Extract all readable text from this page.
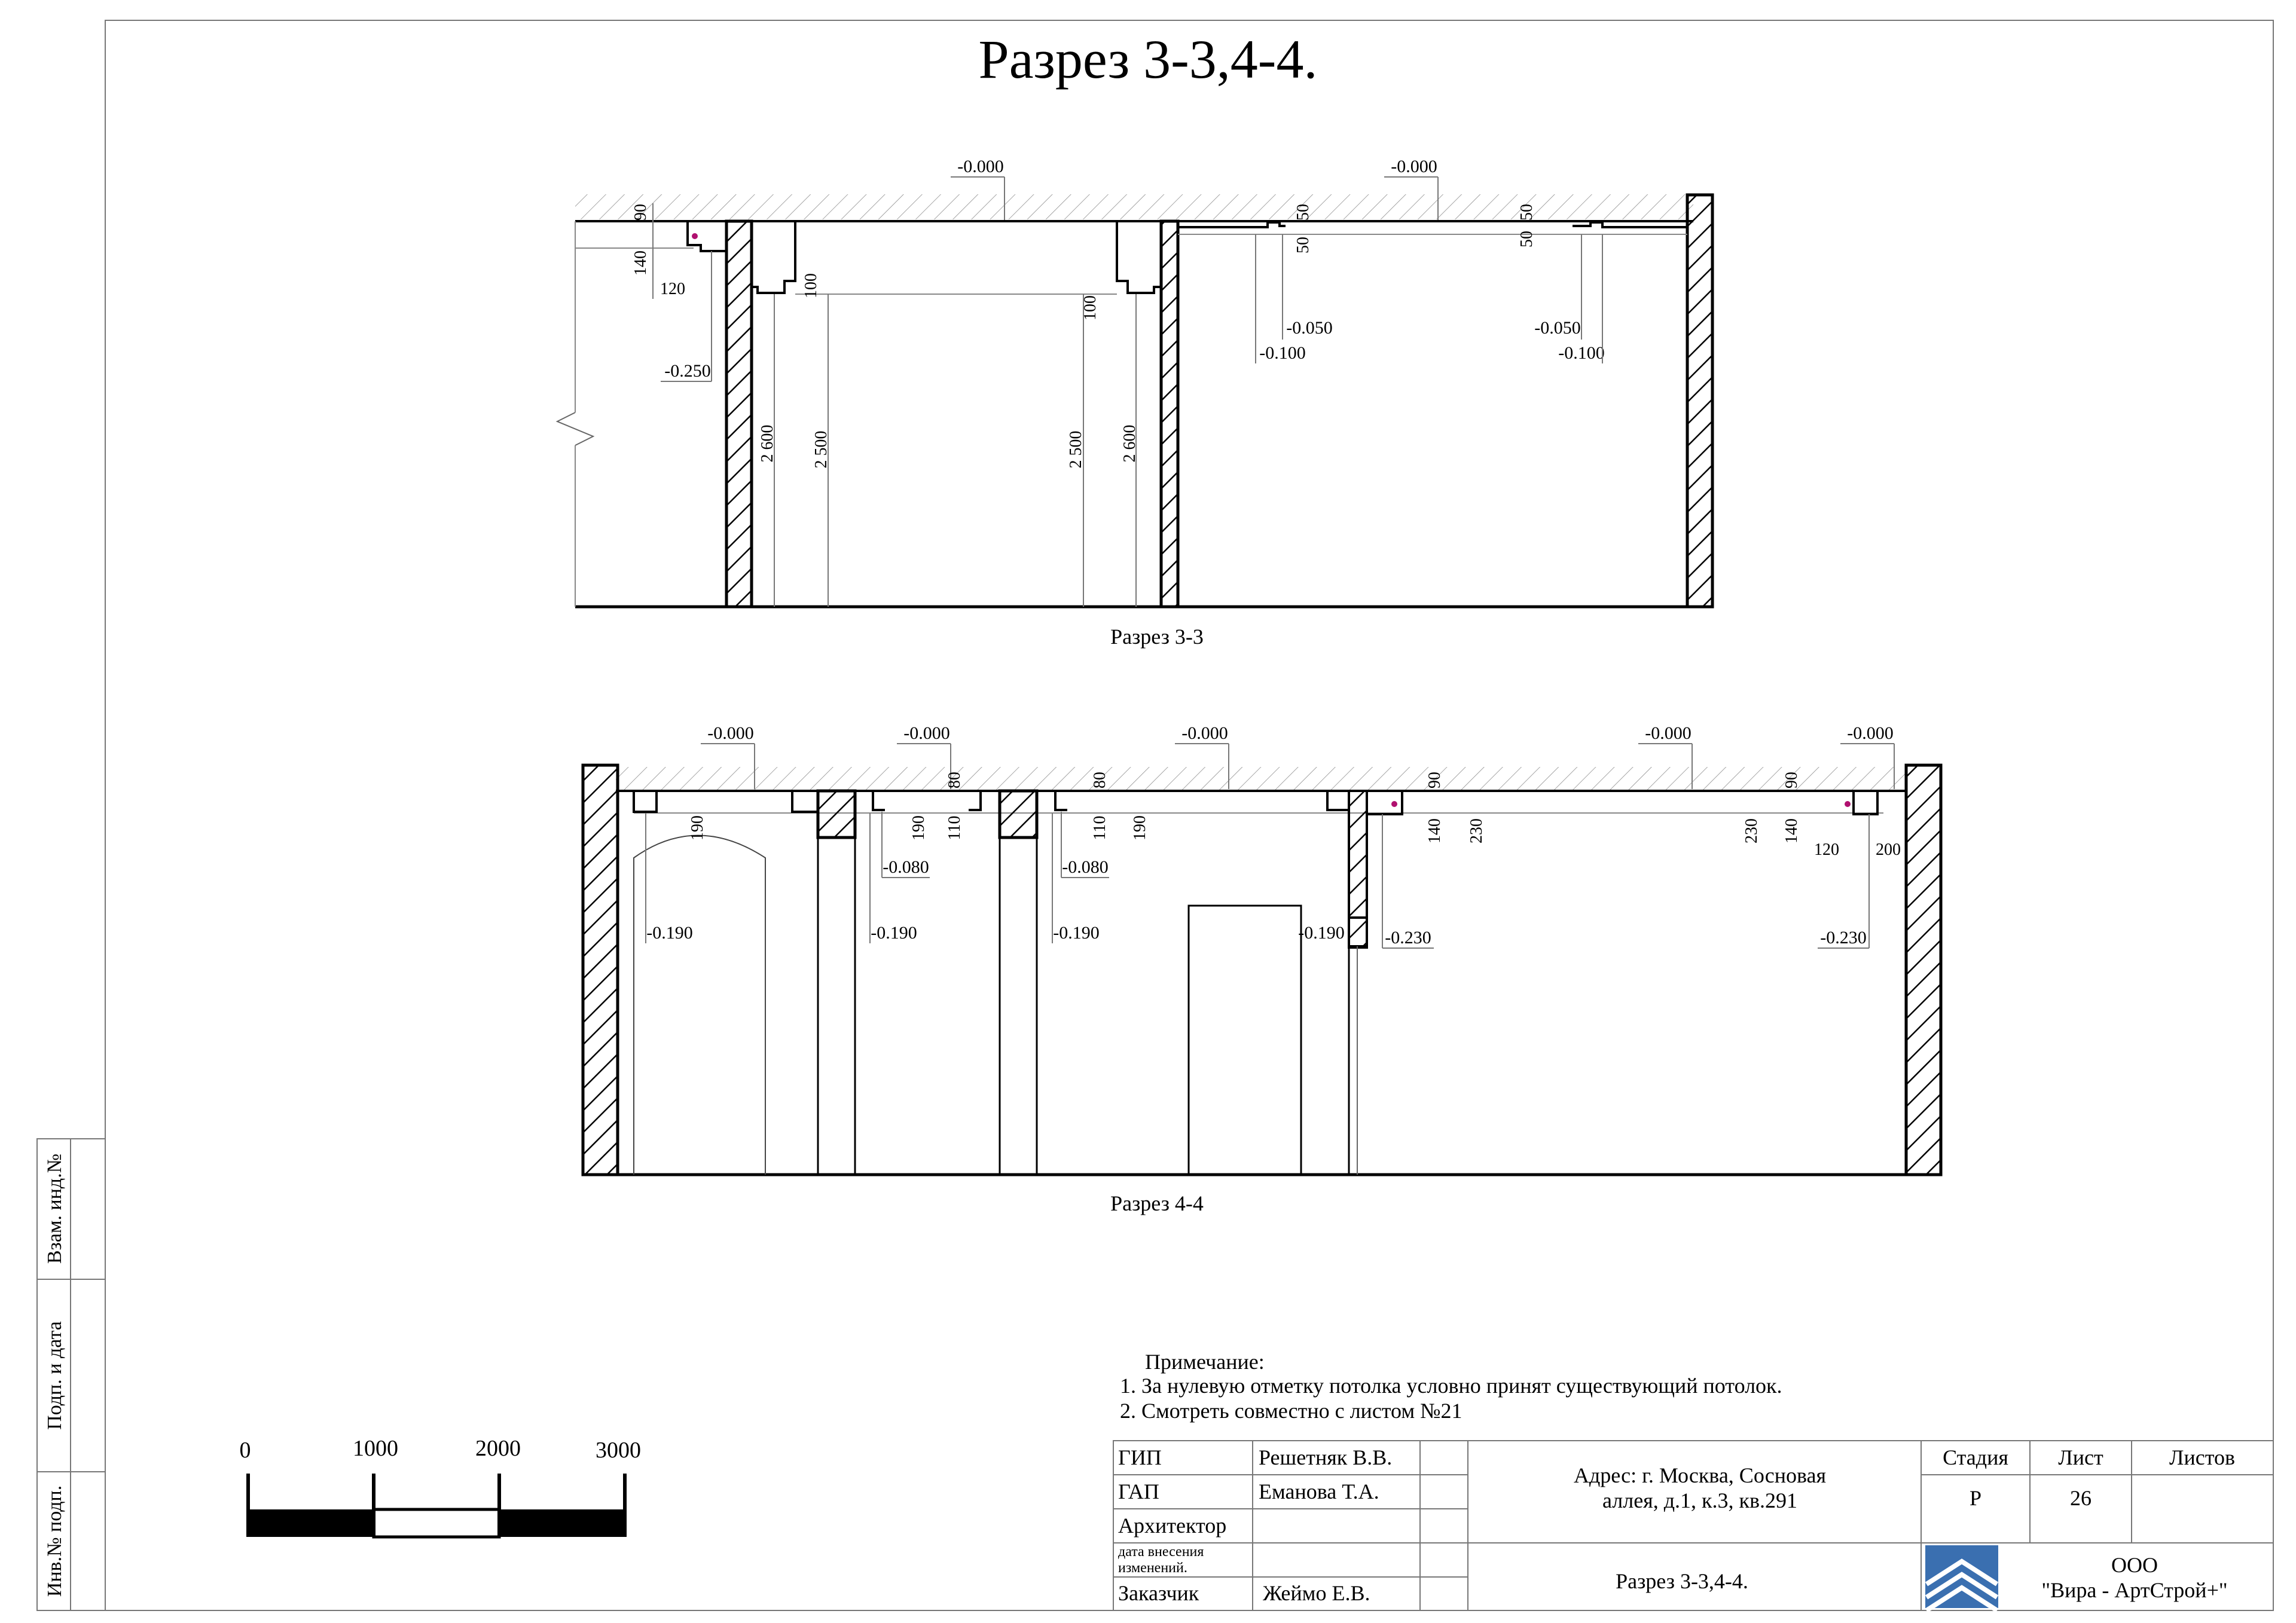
Разрез 3-3,4-4.
-0.000	-0.000
90
140
120
-0.250
100
100
2 600 2 500	2 500 2 600
50
50
50
50
-0.050
-0.100
-0.050
-0.100
Разрез 3-3
-0.000	-0.000	-0.000	-0.000	-0.000
190
80
190 110
80
110 190
-0.080	-0.080
-0.190	-0.190	-0.190	-0.190
90
140 230	230
90
140
120 200
-0.230	-0.230
Разрез 4-4
Взам. инд.№
Подп. и дата
Инв.№ подп.
0	1000	2000	3000
Примечание:
1. За нулевую отметку потолка условно принят существующий потолок.
2. Смотреть совместно с листом №21
ГИП	Решетняк В.В.
ГАП	Еманова Т.А.
Архитектор
дата внесения
изменений.
Заказчик	Жеймо Е.В.
Адрес: г. Москва, Сосновая
аллея, д.1, к.3, кв.291
Разрез 3-3,4-4.
Стадия Лист	Листов
Р	26
ООО
"Вира - АртСтрой+"
